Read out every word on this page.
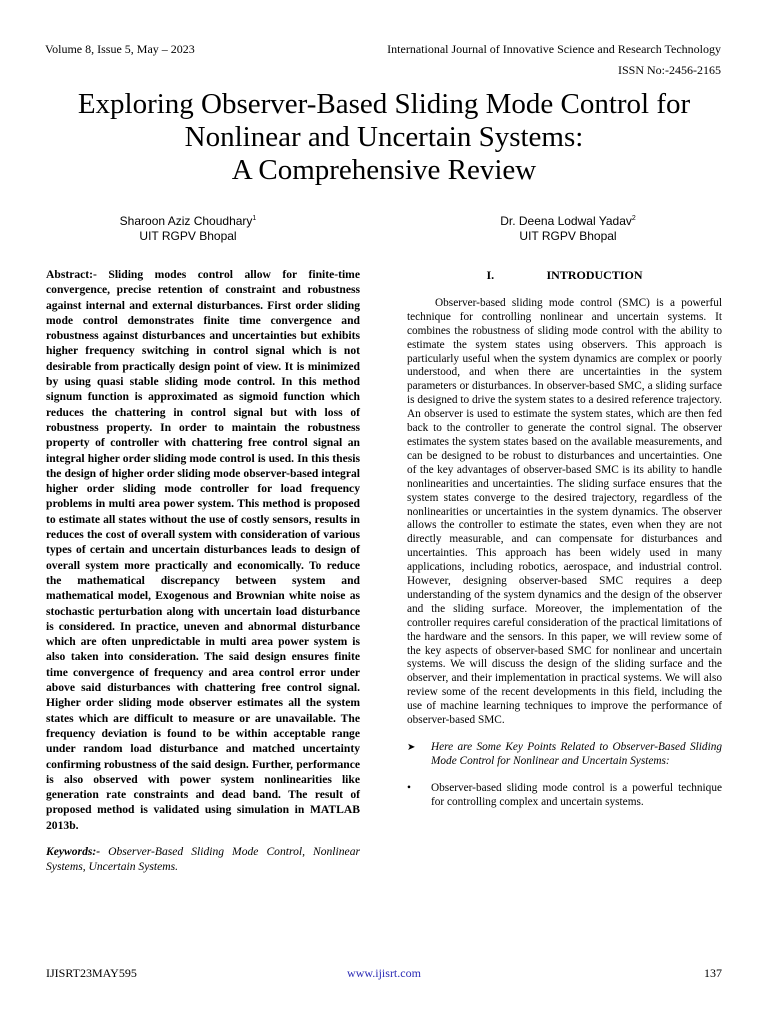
Volume 8, Issue 5, May – 2023	International Journal of Innovative Science and Research Technology
ISSN No:-2456-2165
Exploring Observer-Based Sliding Mode Control for
Nonlinear and Uncertain Systems:
A Comprehensive Review
Sharoon Aziz Choudhary$^1$
UIT RGPV Bhopal
Dr. Deena Lodwal Yadav$^2$
UIT RGPV Bhopal

Abstract:- Sliding modes control allow for finite-time convergence, precise retention of constraint and robustness against internal and external disturbances. First order sliding mode control demonstrates finite time convergence and robustness against disturbances and uncertainties but exhibits higher frequency switching in control signal which is not desirable from practically design point of view. It is minimized by using quasi stable sliding mode control. In this method signum function is approximated as sigmoid function which reduces the chattering in control signal but with loss of robustness property. In order to maintain the robustness property of controller with chattering free control signal an integral higher order sliding mode control is used. In this thesis the design of higher order sliding mode observer-based integral higher order sliding mode controller for load frequency problems in multi area power system. This method is proposed to estimate all states without the use of costly sensors, results in reduces the cost of overall system with consideration of various types of certain and uncertain disturbances leads to design of overall system more practically and economically. To reduce the mathematical discrepancy between system and mathematical model, Exogenous and Brownian white noise as stochastic perturbation along with uncertain load disturbance is considered. In practice, uneven and abnormal disturbance which are often unpredictable in multi area power system is also taken into consideration. The said design ensures finite time convergence of frequency and area control error under above said disturbances with chattering free control signal. Higher order sliding mode observer estimates all the system states which are difficult to measure or are unavailable. The frequency deviation is found to be within acceptable range under random load disturbance and matched uncertainty confirming robustness of the said design. Further, performance is also observed with power system nonlinearities like generation rate constraints and dead band. The result of proposed method is validated using simulation in MATLAB 2013b.

Keywords:- Observer-Based Sliding Mode Control, Nonlinear Systems, Uncertain Systems.

I.	INTRODUCTION

Observer-based sliding mode control (SMC) is a powerful technique for controlling nonlinear and uncertain systems. It combines the robustness of sliding mode control with the ability to estimate the system states using observers. This approach is particularly useful when the system dynamics are complex or poorly understood, and when there are uncertainties in the system parameters or disturbances. In observer-based SMC, a sliding surface is designed to drive the system states to a desired reference trajectory. An observer is used to estimate the system states, which are then fed back to the controller to generate the control signal. The observer estimates the system states based on the available measurements, and can be designed to be robust to disturbances and uncertainties. One of the key advantages of observer-based SMC is its ability to handle nonlinearities and uncertainties. The sliding surface ensures that the system states converge to the desired trajectory, regardless of the nonlinearities or uncertainties in the system dynamics. The observer allows the controller to estimate the states, even when they are not directly measurable, and can compensate for disturbances and uncertainties. This approach has been widely used in many applications, including robotics, aerospace, and industrial control. However, designing observer-based SMC requires a deep understanding of the system dynamics and the design of the observer and the sliding surface. Moreover, the implementation of the controller requires careful consideration of the practical limitations of the hardware and the sensors. In this paper, we will review some of the key aspects of observer-based SMC for nonlinear and uncertain systems. We will discuss the design of the sliding surface and the observer, and their implementation in practical systems. We will also review some of the recent developments in this field, including the use of machine learning techniques to improve the performance of observer-based SMC.

➤ Here are Some Key Points Related to Observer-Based Sliding Mode Control for Nonlinear and Uncertain Systems:

• Observer-based sliding mode control is a powerful technique for controlling complex and uncertain systems.

IJISRT23MAY595	www.ijisrt.com	137
